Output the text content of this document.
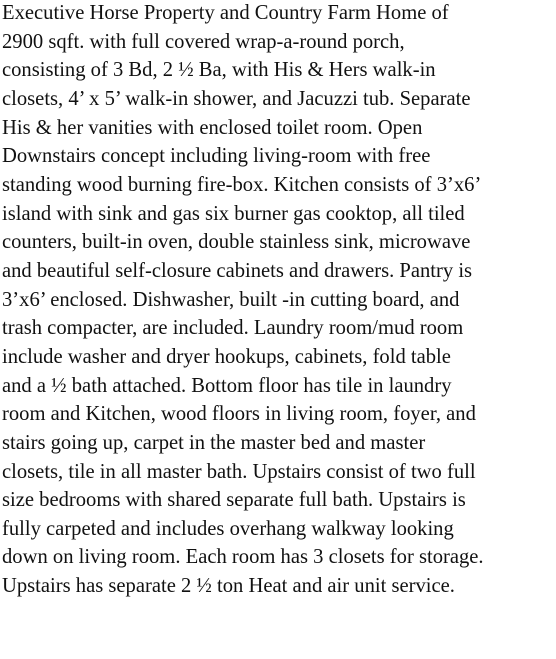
Executive Horse Property and Country Farm Home of
2900 sqft. with full covered wrap-a-round porch,
consisting of 3 Bd, 2 ½ Ba, with His & Hers walk-in
closets, 4’ x 5’ walk-in shower, and Jacuzzi tub. Separate
His & her vanities with enclosed toilet room. Open
Downstairs concept including living-room with free
standing wood burning fire-box. Kitchen consists of 3’x6’
island with sink and gas six burner gas cooktop, all tiled
counters, built-in oven, double stainless sink, microwave
and beautiful self-closure cabinets and drawers. Pantry is
3’x6’ enclosed. Dishwasher, built -in cutting board, and
trash compacter, are included. Laundry room/mud room
include washer and dryer hookups, cabinets, fold table
and a ½ bath attached. Bottom floor has tile in laundry
room and Kitchen, wood floors in living room, foyer, and
stairs going up, carpet in the master bed and master
closets, tile in all master bath. Upstairs consist of two full
size bedrooms with shared separate full bath. Upstairs is
fully carpeted and includes overhang walkway looking
down on living room. Each room has 3 closets for storage.
Upstairs has separate 2 ½ ton Heat and air unit service.
